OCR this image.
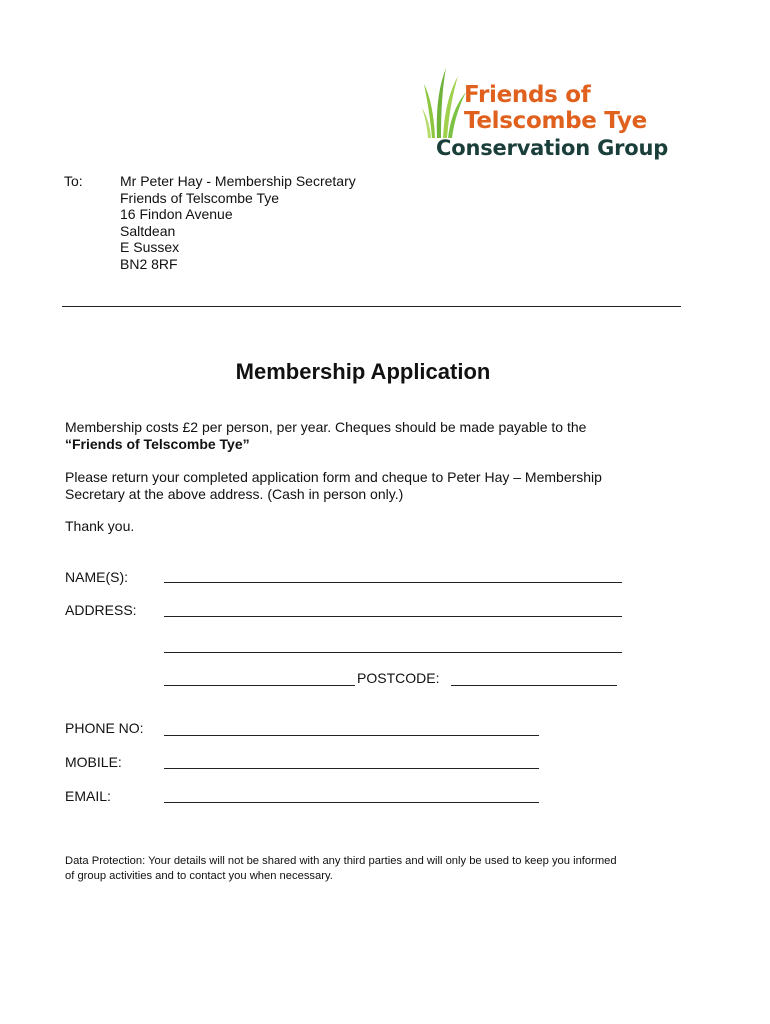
Friends of
Telscombe Tye
Conservation Group
To:	Mr Peter Hay - Membership Secretary
Friends of Telscombe Tye
16 Findon Avenue
Saltdean
E Sussex
BN2 8RF
Membership Application
Membership costs £2 per person, per year. Cheques should be made payable to the
“Friends of Telscombe Tye”
Please return your completed application form and cheque to Peter Hay – Membership
Secretary at the above address. (Cash in person only.)
Thank you.
NAME(S):
ADDRESS:
POSTCODE:
PHONE NO:
MOBILE:
EMAIL:
Data Protection: Your details will not be shared with any third parties and will only be used to keep you informed
of group activities and to contact you when necessary.
